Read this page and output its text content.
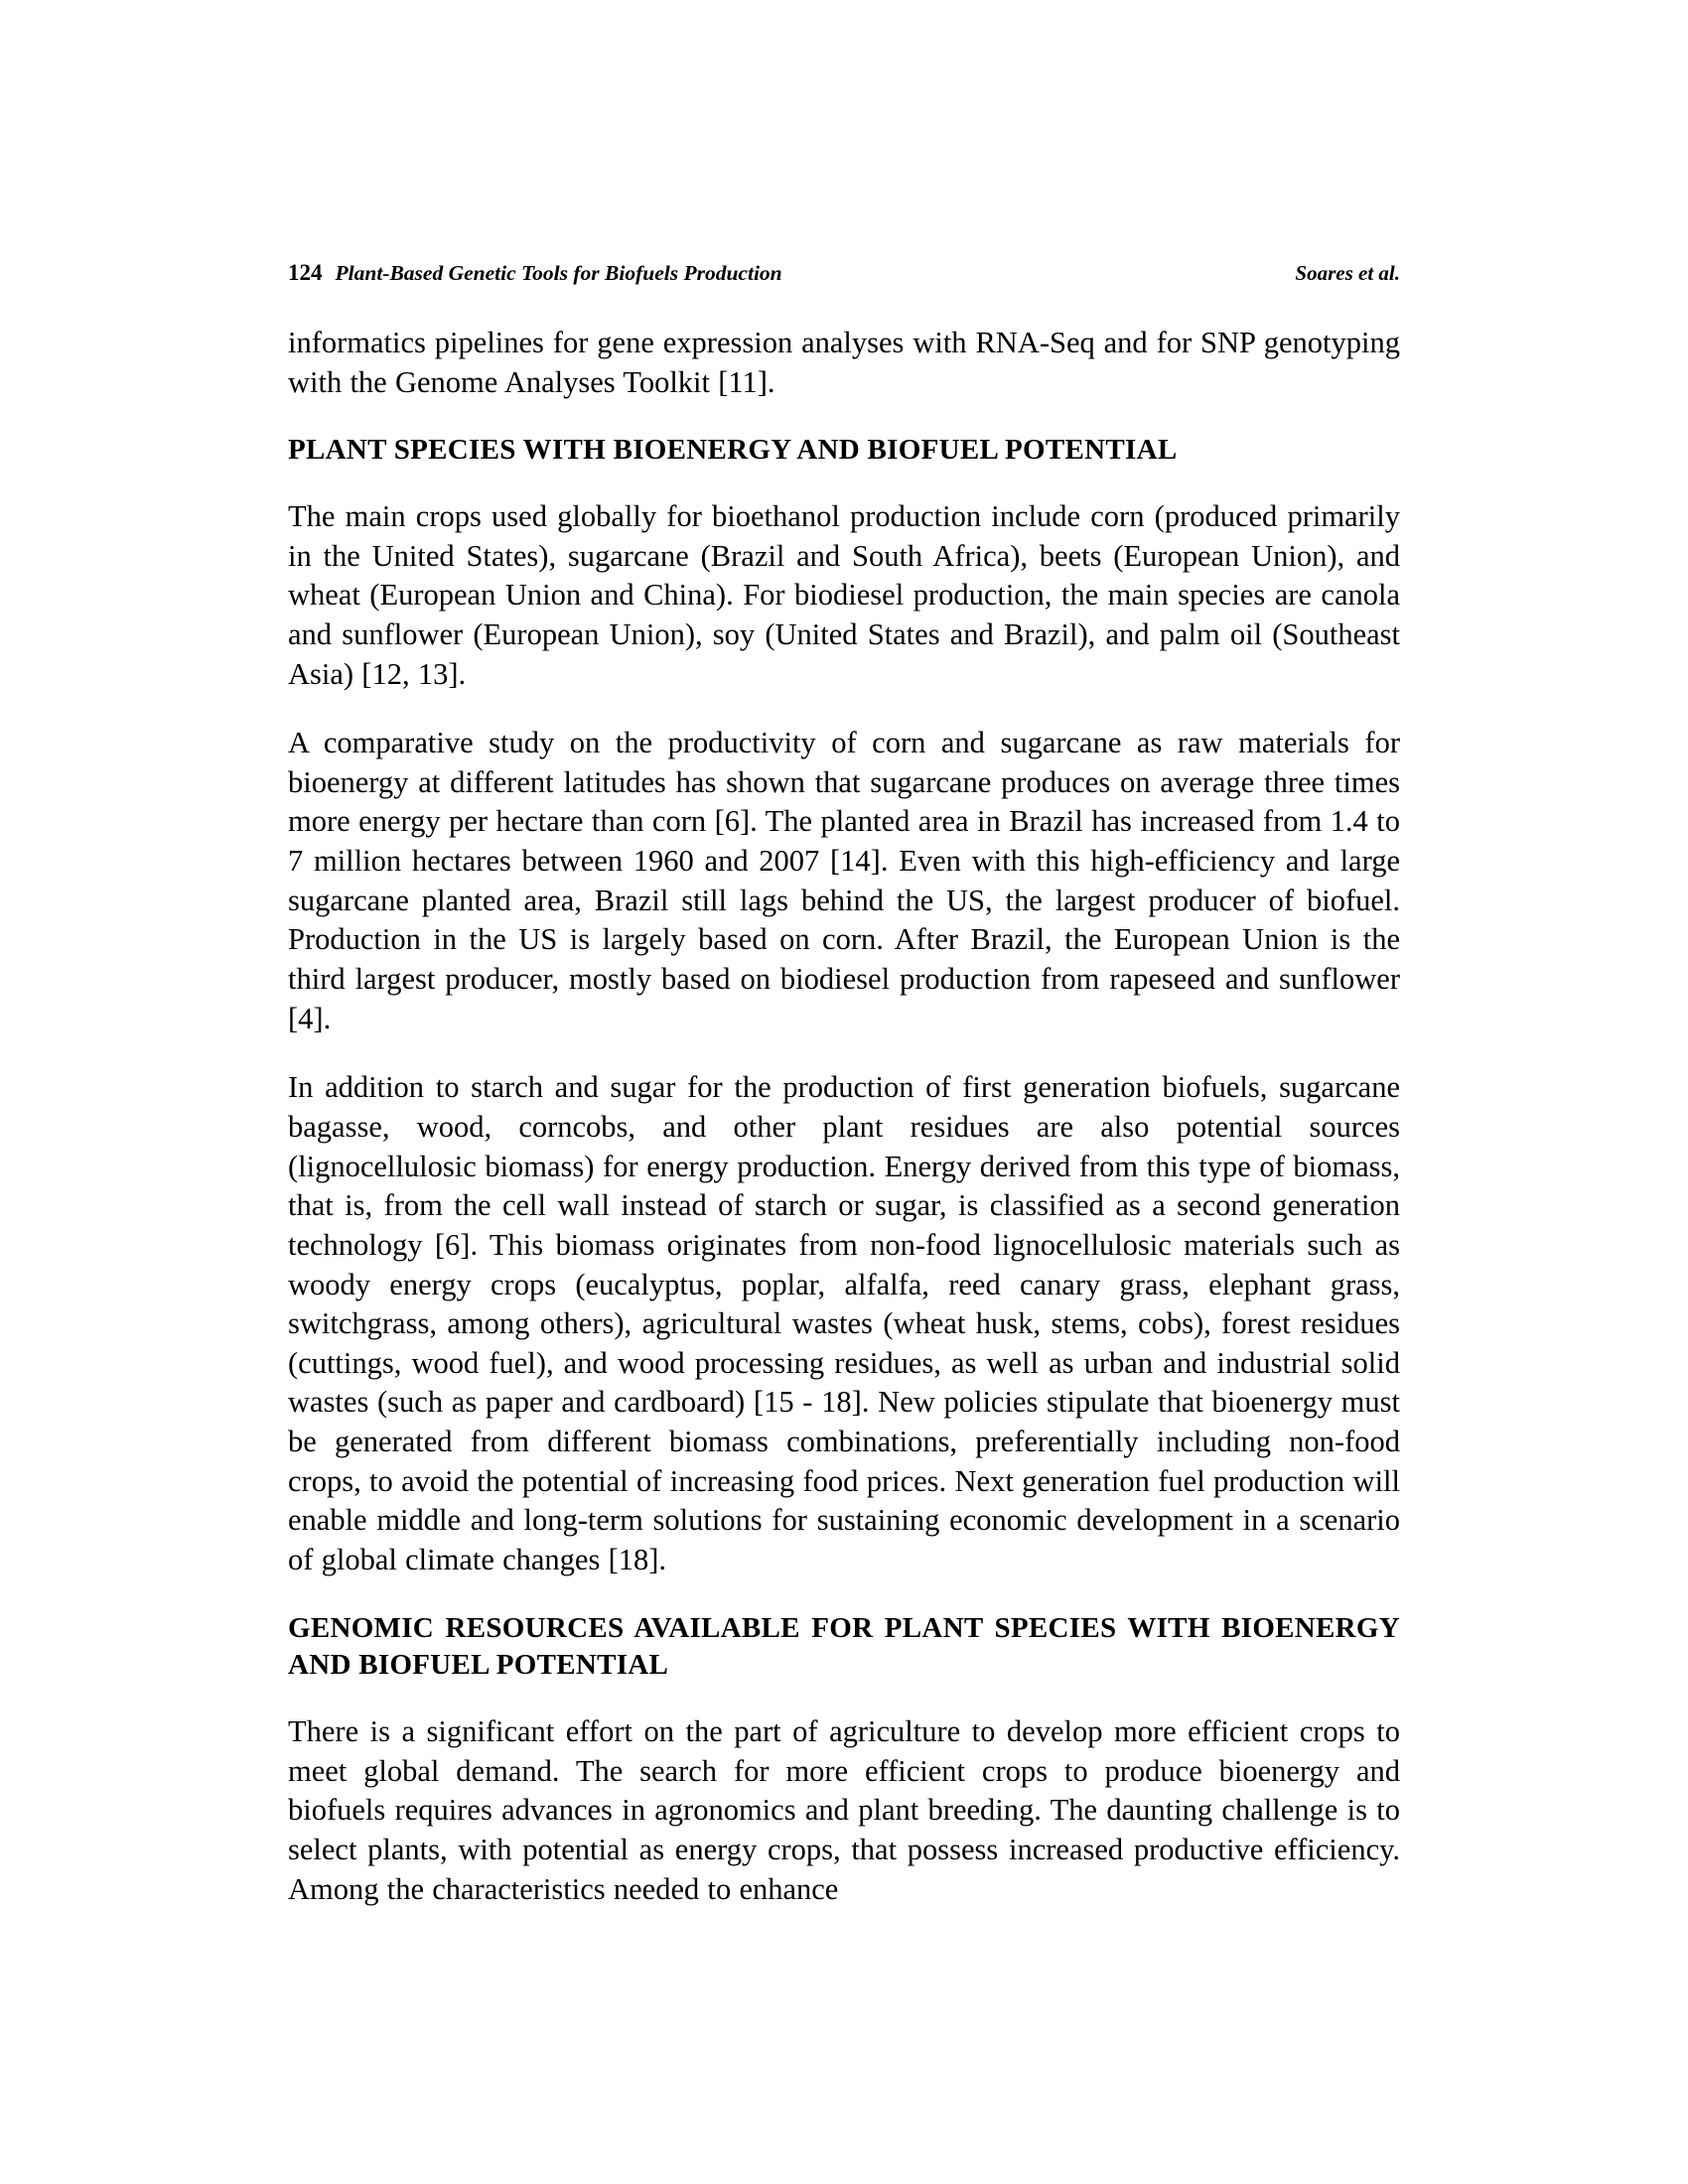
124 Plant-Based Genetic Tools for Biofuels Production	Soares et al.

informatics pipelines for gene expression analyses with RNA-Seq and for SNP genotyping with the Genome Analyses Toolkit [11].

PLANT SPECIES WITH BIOENERGY AND BIOFUEL POTENTIAL

The main crops used globally for bioethanol production include corn (produced primarily in the United States), sugarcane (Brazil and South Africa), beets (European Union), and wheat (European Union and China). For biodiesel production, the main species are canola and sunflower (European Union), soy (United States and Brazil), and palm oil (Southeast Asia) [12, 13].

A comparative study on the productivity of corn and sugarcane as raw materials for bioenergy at different latitudes has shown that sugarcane produces on average three times more energy per hectare than corn [6]. The planted area in Brazil has increased from 1.4 to 7 million hectares between 1960 and 2007 [14]. Even with this high-efficiency and large sugarcane planted area, Brazil still lags behind the US, the largest producer of biofuel. Production in the US is largely based on corn. After Brazil, the European Union is the third largest producer, mostly based on biodiesel production from rapeseed and sunflower [4].

In addition to starch and sugar for the production of first generation biofuels, sugarcane bagasse, wood, corncobs, and other plant residues are also potential sources (lignocellulosic biomass) for energy production. Energy derived from this type of biomass, that is, from the cell wall instead of starch or sugar, is classified as a second generation technology [6]. This biomass originates from non-food lignocellulosic materials such as woody energy crops (eucalyptus, poplar, alfalfa, reed canary grass, elephant grass, switchgrass, among others), agricultural wastes (wheat husk, stems, cobs), forest residues (cuttings, wood fuel), and wood processing residues, as well as urban and industrial solid wastes (such as paper and cardboard) [15 - 18]. New policies stipulate that bioenergy must be generated from different biomass combinations, preferentially including non-food crops, to avoid the potential of increasing food prices. Next generation fuel production will enable middle and long-term solutions for sustaining economic development in a scenario of global climate changes [18].

GENOMIC RESOURCES AVAILABLE FOR PLANT SPECIES WITH BIOENERGY AND BIOFUEL POTENTIAL

There is a significant effort on the part of agriculture to develop more efficient crops to meet global demand. The search for more efficient crops to produce bioenergy and biofuels requires advances in agronomics and plant breeding. The daunting challenge is to select plants, with potential as energy crops, that possess increased productive efficiency. Among the characteristics needed to enhance
